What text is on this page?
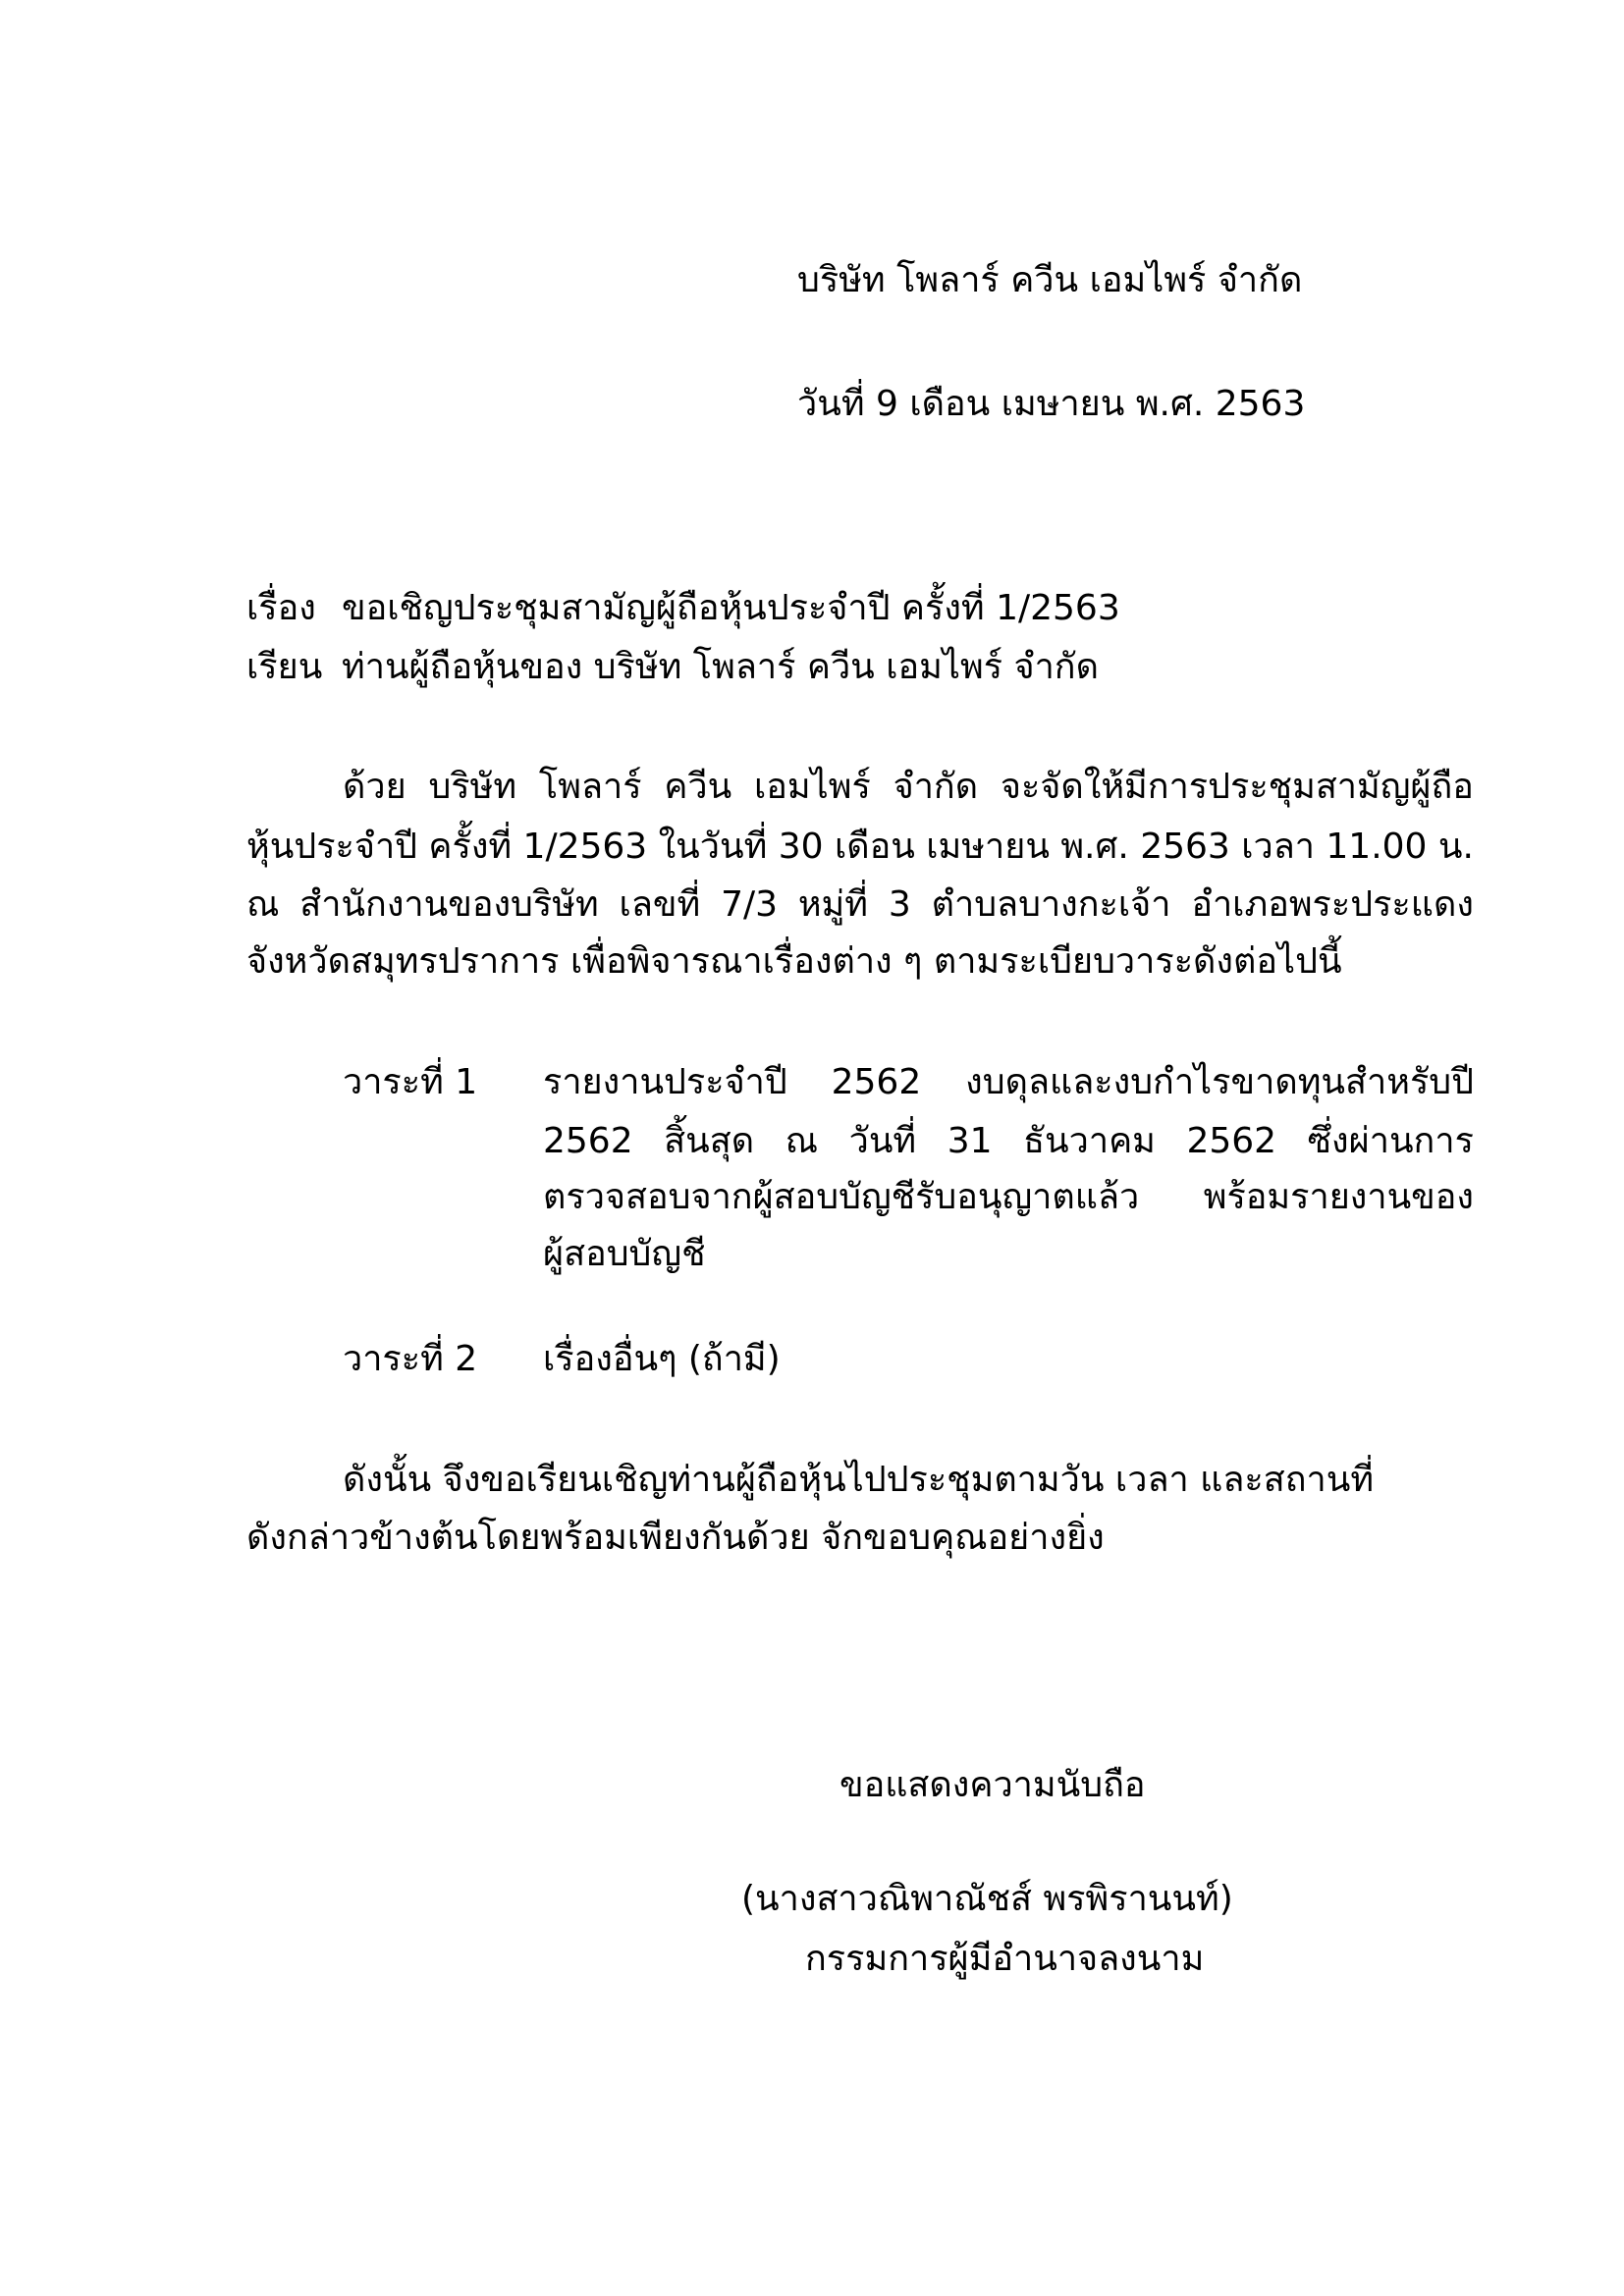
บริษัท โพลาร์ ควีน เอมไพร์ จำกัด
วันที่ 9 เดือน เมษายน พ.ศ. 2563
เรื่อง ขอเชิญประชุมสามัญผู้ถือหุ้นประจำปี ครั้งที่ 1/2563
เรียน ท่านผู้ถือหุ้นของ บริษัท โพลาร์ ควีน เอมไพร์ จำกัด
ด้วย บริษัท โพลาร์ ควีน เอมไพร์ จำกัด จะจัดให้มีการประชุมสามัญผู้ถือ
หุ้นประจำปี ครั้งที่ 1/2563 ในวันที่ 30 เดือน เมษายน พ.ศ. 2563 เวลา 11.00 น.
ณ สำนักงานของบริษัท เลขที่ 7/3 หมู่ที่ 3 ตำบลบางกะเจ้า อำเภอพระประแดง
จังหวัดสมุทรปราการ เพื่อพิจารณาเรื่องต่าง ๆ ตามระเบียบวาระดังต่อไปนี้
วาระที่ 1 รายงานประจำปี 2562 งบดุลและงบกำไรขาดทุนสำหรับปี
2562 สิ้นสุด ณ วันที่ 31 ธันวาคม 2562 ซึ่งผ่านการ
ตรวจสอบจากผู้สอบบัญชีรับอนุญาตแล้ว พร้อมรายงานของ
ผู้สอบบัญชี
วาระที่ 2 เรื่องอื่นๆ (ถ้ามี)
ดังนั้น จึงขอเรียนเชิญท่านผู้ถือหุ้นไปประชุมตามวัน เวลา และสถานที่
ดังกล่าวข้างต้นโดยพร้อมเพียงกันด้วย จักขอบคุณอย่างยิ่ง
ขอแสดงความนับถือ
(นางสาวณิพาณัชส์ พรพิรานนท์)
กรรมการผู้มีอำนาจลงนาม
